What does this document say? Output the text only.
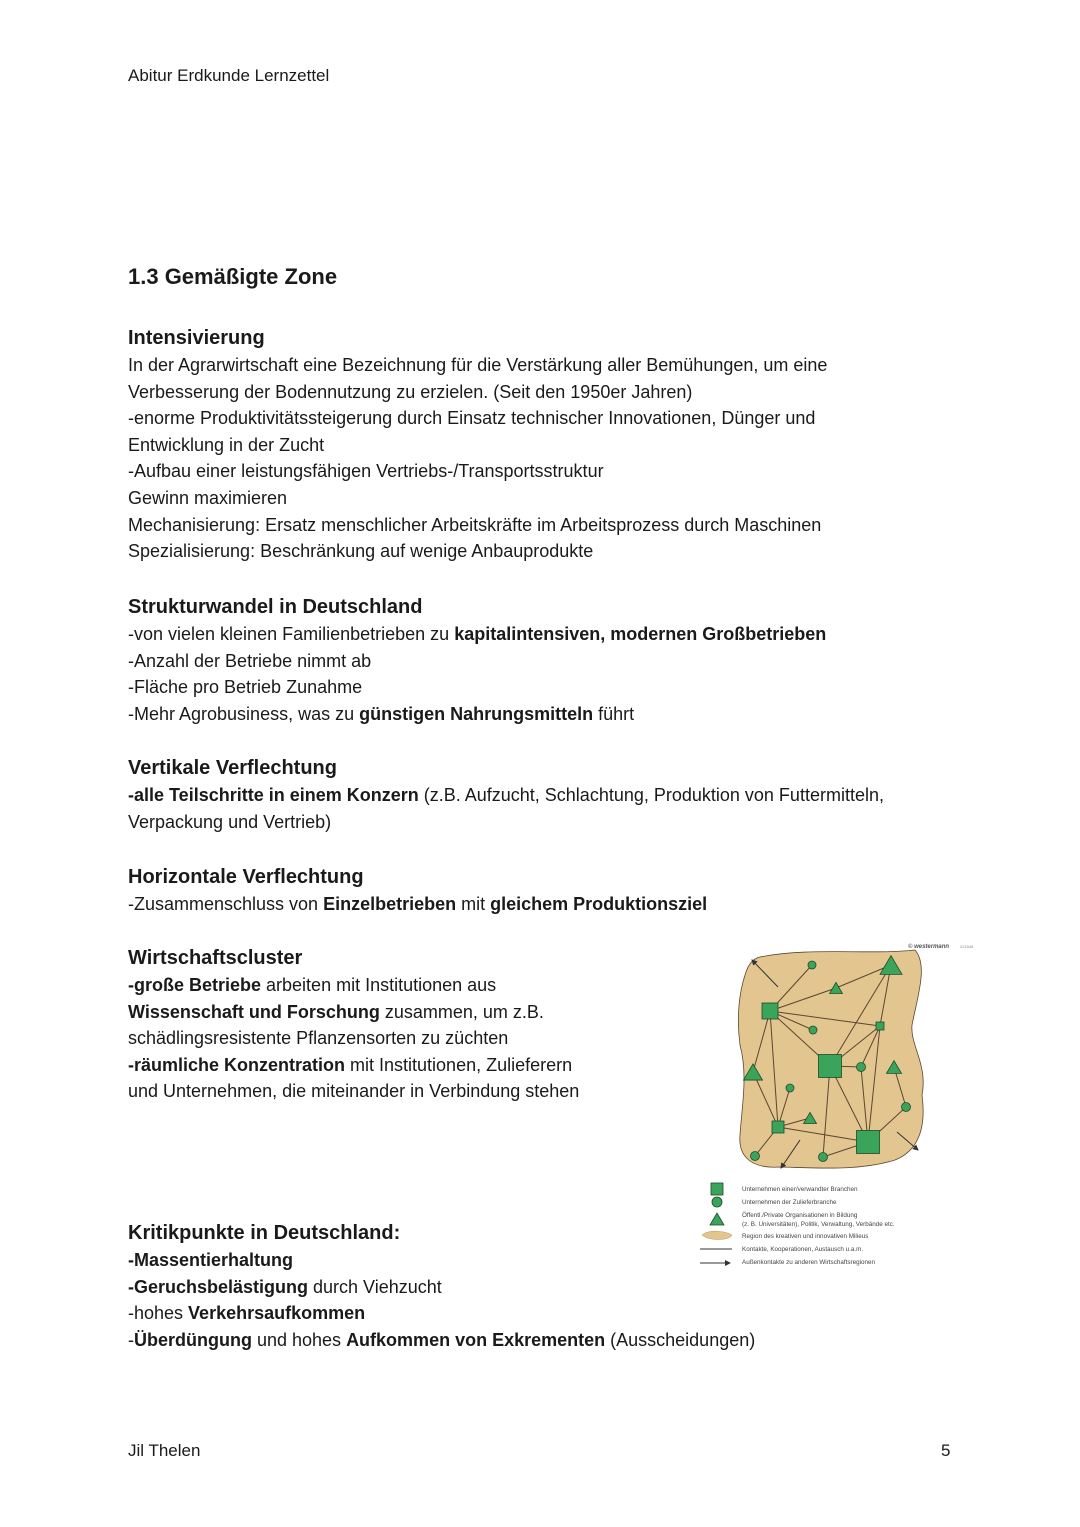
Abitur Erdkunde Lernzettel
1.3 Gemäßigte Zone
Intensivierung

In der Agrarwirtschaft eine Bezeichnung für die Verstärkung aller Bemühungen, um eine

Verbesserung der Bodennutzung zu erzielen. (Seit den 1950er Jahren)

-enorme Produktivitätssteigerung durch Einsatz technischer Innovationen, Dünger und

Entwicklung in der Zucht

-Aufbau einer leistungsfähigen Vertriebs-/Transportsstruktur

Gewinn maximieren

Mechanisierung: Ersatz menschlicher Arbeitskräfte im Arbeitsprozess durch Maschinen

Spezialisierung: Beschränkung auf wenige Anbauprodukte

Strukturwandel in Deutschland

-von vielen kleinen Familienbetrieben zu kapitalintensiven, modernen Großbetrieben

-Anzahl der Betriebe nimmt ab

-Fläche pro Betrieb Zunahme

-Mehr Agrobusiness, was zu günstigen Nahrungsmitteln führt

Vertikale Verflechtung

-alle Teilschritte in einem Konzern (z.B. Aufzucht, Schlachtung, Produktion von Futtermitteln,

Verpackung und Vertrieb)

Horizontale Verflechtung

-Zusammenschluss von Einzelbetrieben mit gleichem Produktionsziel

Wirtschaftscluster

-große Betriebe arbeiten mit Institutionen aus

Wissenschaft und Forschung zusammen, um z.B.

schädlingsresistente Pflanzensorten zu züchten

-räumliche Konzentration mit Institutionen, Zulieferern

und Unternehmen, die miteinander in Verbindung stehen

Kritikpunkte in Deutschland:

-Massentierhaltung

-Geruchsbelästigung durch Viehzucht

-hohes Verkehrsaufkommen

-Überdüngung und hohes Aufkommen von Exkrementen (Ausscheidungen)

© westermann	221548
Unternehmen einer/verwandter Branchen
Unternehmen der Zulieferbranche
Öffentl./Private Organisationen in Bildung
(z. B. Universitäten), Politik, Verwaltung, Verbände etc.
Region des kreativen und innovativen Milieus
Kontakte, Kooperationen, Austausch u.a.m.
Außenkontakte zu anderen Wirtschaftsregionen
Jil Thelen	5
